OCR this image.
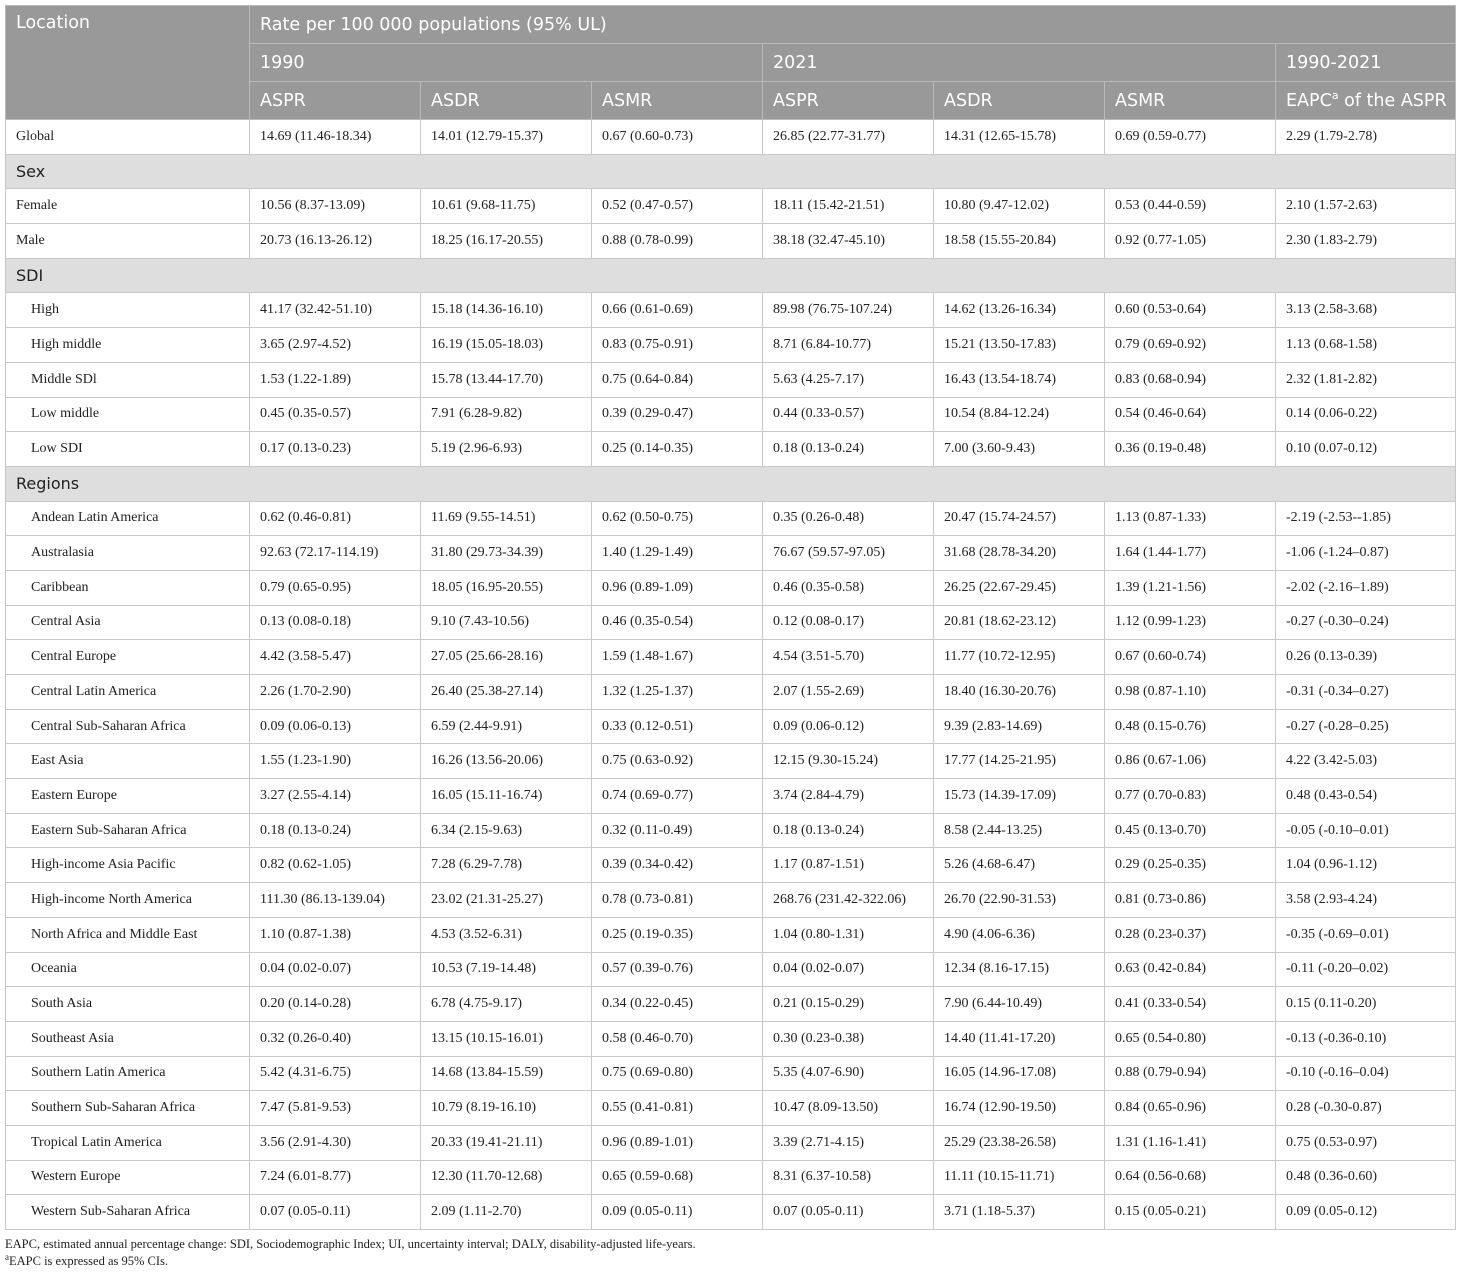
Location	Rate per 100 000 populations (95% UL)						
	1990			2021			1990-2021
	ASPR	ASDR	ASMR	ASPR	ASDR	ASMR	EAPC$^a$ of the ASPR
Global	14.69 (11.46-18.34)	14.01 (12.79-15.37)	0.67 (0.60-0.73)	26.85 (22.77-31.77)	14.31 (12.65-15.78)	0.69 (0.59-0.77)	2.29 (1.79-2.78)
Sex							
Female	10.56 (8.37-13.09)	10.61 (9.68-11.75)	0.52 (0.47-0.57)	18.11 (15.42-21.51)	10.80 (9.47-12.02)	0.53 (0.44-0.59)	2.10 (1.57-2.63)
Male	20.73 (16.13-26.12)	18.25 (16.17-20.55)	0.88 (0.78-0.99)	38.18 (32.47-45.10)	18.58 (15.55-20.84)	0.92 (0.77-1.05)	2.30 (1.83-2.79)
SDI							
High	41.17 (32.42-51.10)	15.18 (14.36-16.10)	0.66 (0.61-0.69)	89.98 (76.75-107.24)	14.62 (13.26-16.34)	0.60 (0.53-0.64)	3.13 (2.58-3.68)
High middle	3.65 (2.97-4.52)	16.19 (15.05-18.03)	0.83 (0.75-0.91)	8.71 (6.84-10.77)	15.21 (13.50-17.83)	0.79 (0.69-0.92)	1.13 (0.68-1.58)
Middle SDl	1.53 (1.22-1.89)	15.78 (13.44-17.70)	0.75 (0.64-0.84)	5.63 (4.25-7.17)	16.43 (13.54-18.74)	0.83 (0.68-0.94)	2.32 (1.81-2.82)
Low middle	0.45 (0.35-0.57)	7.91 (6.28-9.82)	0.39 (0.29-0.47)	0.44 (0.33-0.57)	10.54 (8.84-12.24)	0.54 (0.46-0.64)	0.14 (0.06-0.22)
Low SDI	0.17 (0.13-0.23)	5.19 (2.96-6.93)	0.25 (0.14-0.35)	0.18 (0.13-0.24)	7.00 (3.60-9.43)	0.36 (0.19-0.48)	0.10 (0.07-0.12)
Regions							
Andean Latin America	0.62 (0.46-0.81)	11.69 (9.55-14.51)	0.62 (0.50-0.75)	0.35 (0.26-0.48)	20.47 (15.74-24.57)	1.13 (0.87-1.33)	-2.19 (-2.53--1.85)
Australasia	92.63 (72.17-114.19)	31.80 (29.73-34.39)	1.40 (1.29-1.49)	76.67 (59.57-97.05)	31.68 (28.78-34.20)	1.64 (1.44-1.77)	-1.06 (-1.24–0.87)
Caribbean	0.79 (0.65-0.95)	18.05 (16.95-20.55)	0.96 (0.89-1.09)	0.46 (0.35-0.58)	26.25 (22.67-29.45)	1.39 (1.21-1.56)	-2.02 (-2.16–1.89)
Central Asia	0.13 (0.08-0.18)	9.10 (7.43-10.56)	0.46 (0.35-0.54)	0.12 (0.08-0.17)	20.81 (18.62-23.12)	1.12 (0.99-1.23)	-0.27 (-0.30–0.24)
Central Europe	4.42 (3.58-5.47)	27.05 (25.66-28.16)	1.59 (1.48-1.67)	4.54 (3.51-5.70)	11.77 (10.72-12.95)	0.67 (0.60-0.74)	0.26 (0.13-0.39)
Central Latin America	2.26 (1.70-2.90)	26.40 (25.38-27.14)	1.32 (1.25-1.37)	2.07 (1.55-2.69)	18.40 (16.30-20.76)	0.98 (0.87-1.10)	-0.31 (-0.34–0.27)
Central Sub-Saharan Africa	0.09 (0.06-0.13)	6.59 (2.44-9.91)	0.33 (0.12-0.51)	0.09 (0.06-0.12)	9.39 (2.83-14.69)	0.48 (0.15-0.76)	-0.27 (-0.28–0.25)
East Asia	1.55 (1.23-1.90)	16.26 (13.56-20.06)	0.75 (0.63-0.92)	12.15 (9.30-15.24)	17.77 (14.25-21.95)	0.86 (0.67-1.06)	4.22 (3.42-5.03)
Eastern Europe	3.27 (2.55-4.14)	16.05 (15.11-16.74)	0.74 (0.69-0.77)	3.74 (2.84-4.79)	15.73 (14.39-17.09)	0.77 (0.70-0.83)	0.48 (0.43-0.54)
Eastern Sub-Saharan Africa	0.18 (0.13-0.24)	6.34 (2.15-9.63)	0.32 (0.11-0.49)	0.18 (0.13-0.24)	8.58 (2.44-13.25)	0.45 (0.13-0.70)	-0.05 (-0.10–0.01)
High-income Asia Pacific	0.82 (0.62-1.05)	7.28 (6.29-7.78)	0.39 (0.34-0.42)	1.17 (0.87-1.51)	5.26 (4.68-6.47)	0.29 (0.25-0.35)	1.04 (0.96-1.12)
High-income North America	111.30 (86.13-139.04)	23.02 (21.31-25.27)	0.78 (0.73-0.81)	268.76 (231.42-322.06)	26.70 (22.90-31.53)	0.81 (0.73-0.86)	3.58 (2.93-4.24)
North Africa and Middle East	1.10 (0.87-1.38)	4.53 (3.52-6.31)	0.25 (0.19-0.35)	1.04 (0.80-1.31)	4.90 (4.06-6.36)	0.28 (0.23-0.37)	-0.35 (-0.69–0.01)
Oceania	0.04 (0.02-0.07)	10.53 (7.19-14.48)	0.57 (0.39-0.76)	0.04 (0.02-0.07)	12.34 (8.16-17.15)	0.63 (0.42-0.84)	-0.11 (-0.20–0.02)
South Asia	0.20 (0.14-0.28)	6.78 (4.75-9.17)	0.34 (0.22-0.45)	0.21 (0.15-0.29)	7.90 (6.44-10.49)	0.41 (0.33-0.54)	0.15 (0.11-0.20)
Southeast Asia	0.32 (0.26-0.40)	13.15 (10.15-16.01)	0.58 (0.46-0.70)	0.30 (0.23-0.38)	14.40 (11.41-17.20)	0.65 (0.54-0.80)	-0.13 (-0.36-0.10)
Southern Latin America	5.42 (4.31-6.75)	14.68 (13.84-15.59)	0.75 (0.69-0.80)	5.35 (4.07-6.90)	16.05 (14.96-17.08)	0.88 (0.79-0.94)	-0.10 (-0.16–0.04)
Southern Sub-Saharan Africa	7.47 (5.81-9.53)	10.79 (8.19-16.10)	0.55 (0.41-0.81)	10.47 (8.09-13.50)	16.74 (12.90-19.50)	0.84 (0.65-0.96)	0.28 (-0.30-0.87)
Tropical Latin America	3.56 (2.91-4.30)	20.33 (19.41-21.11)	0.96 (0.89-1.01)	3.39 (2.71-4.15)	25.29 (23.38-26.58)	1.31 (1.16-1.41)	0.75 (0.53-0.97)
Western Europe	7.24 (6.01-8.77)	12.30 (11.70-12.68)	0.65 (0.59-0.68)	8.31 (6.37-10.58)	11.11 (10.15-11.71)	0.64 (0.56-0.68)	0.48 (0.36-0.60)
Western Sub-Saharan Africa	0.07 (0.05-0.11)	2.09 (1.11-2.70)	0.09 (0.05-0.11)	0.07 (0.05-0.11)	3.71 (1.18-5.37)	0.15 (0.05-0.21)	0.09 (0.05-0.12)
EAPC, estimated annual percentage change: SDI, Sociodemographic Index; UI, uncertainty interval; DALY, disability-adjusted life-years.
$^a$EAPC is expressed as 95% CIs.
